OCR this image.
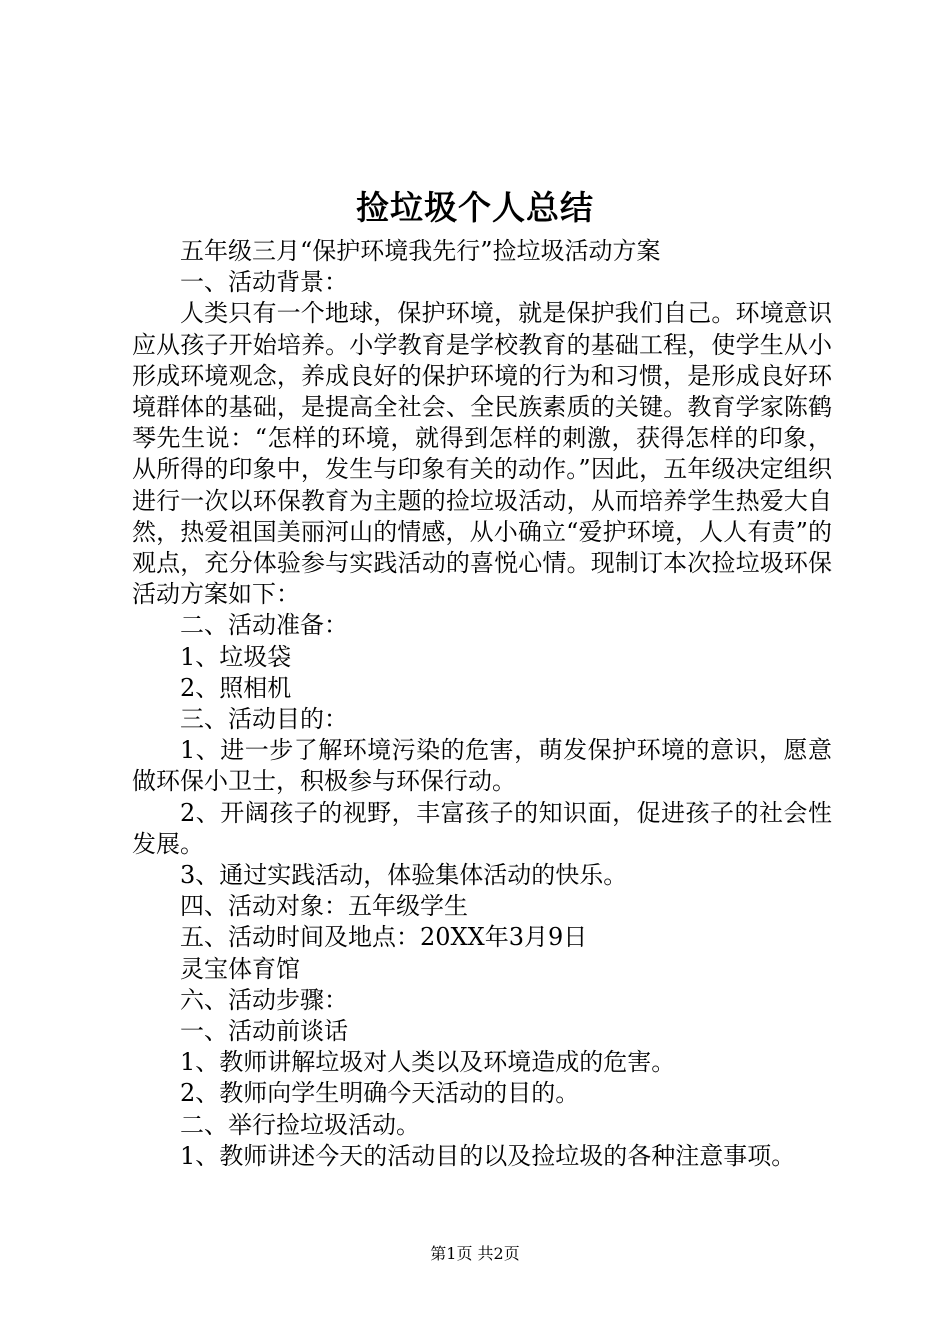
捡垃圾个人总结

五年级三月“保护环境我先行”捡垃圾活动方案

一、活动背景：

人类只有一个地球，保护环境，就是保护我们自己。环境意识应从孩子开始培养。小学教育是学校教育的基础工程，使学生从小形成环境观念，养成良好的保护环境的行为和习惯，是形成良好环境群体的基础，是提高全社会、全民族素质的关键。教育学家陈鹤琴先生说：“怎样的环境，就得到怎样的刺激，获得怎样的印象，从所得的印象中，发生与印象有关的动作。”因此，五年级决定组织进行一次以环保教育为主题的捡垃圾活动，从而培养学生热爱大自然，热爱祖国美丽河山的情感，从小确立“爱护环境，人人有责”的观点，充分体验参与实践活动的喜悦心情。现制订本次捡垃圾环保活动方案如下：

二、活动准备：

1、垃圾袋

2、照相机

三、活动目的：

1、进一步了解环境污染的危害，萌发保护环境的意识，愿意做环保小卫士，积极参与环保行动。

2、开阔孩子的视野，丰富孩子的知识面，促进孩子的社会性发展。

3、通过实践活动，体验集体活动的快乐。

四、活动对象：五年级学生

五、活动时间及地点：20XX年3月9日

灵宝体育馆

六、活动步骤：

一、活动前谈话

1、教师讲解垃圾对人类以及环境造成的危害。

2、教师向学生明确今天活动的目的。

二、举行捡垃圾活动。

1、教师讲述今天的活动目的以及捡垃圾的各种注意事项。

第1页 共2页
